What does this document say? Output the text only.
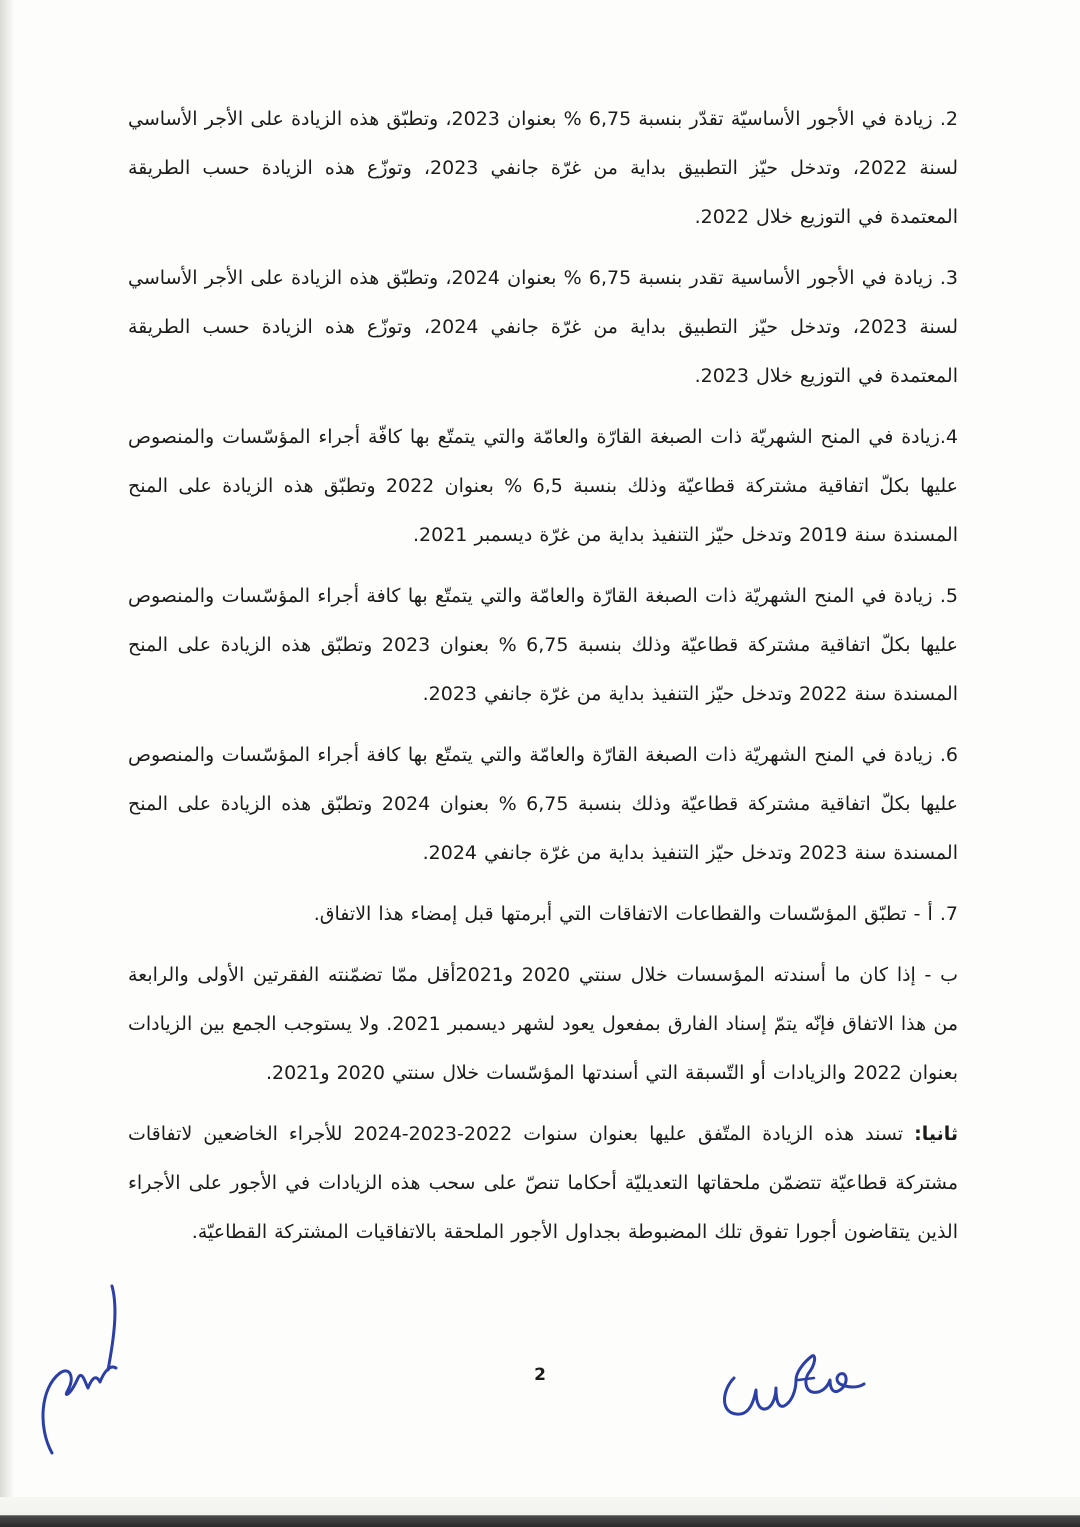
2. زيادة في الأجور الأساسيّة تقدّر بنسبة 6,75 % بعنوان 2023، وتطبّق هذه الزيادة على الأجر الأساسي لسنة 2022، وتدخل حيّز التطبيق بداية من غرّة جانفي 2023، وتوزّع هذه الزيادة حسب الطريقة المعتمدة في التوزيع خلال 2022.

3. زيادة في الأجور الأساسية تقدر بنسبة 6,75 % بعنوان 2024، وتطبّق هذه الزيادة على الأجر الأساسي لسنة 2023، وتدخل حيّز التطبيق بداية من غرّة جانفي 2024، وتوزّع هذه الزيادة حسب الطريقة المعتمدة في التوزيع خلال 2023.

4.زيادة في المنح الشهريّة ذات الصبغة القارّة والعامّة والتي يتمتّع بها كافّة أجراء المؤسّسات والمنصوص عليها بكلّ اتفاقية مشتركة قطاعيّة وذلك بنسبة 6,5 % بعنوان 2022 وتطبّق هذه الزيادة على المنح المسندة سنة 2019 وتدخل حيّز التنفيذ بداية من غرّة ديسمبر 2021.

5. زيادة في المنح الشهريّة ذات الصبغة القارّة والعامّة والتي يتمتّع بها كافة أجراء المؤسّسات والمنصوص عليها بكلّ اتفاقية مشتركة قطاعيّة وذلك بنسبة 6,75 % بعنوان 2023 وتطبّق هذه الزيادة على المنح المسندة سنة 2022 وتدخل حيّز التنفيذ بداية من غرّة جانفي 2023.

6. زيادة في المنح الشهريّة ذات الصبغة القارّة والعامّة والتي يتمتّع بها كافة أجراء المؤسّسات والمنصوص عليها بكلّ اتفاقية مشتركة قطاعيّة وذلك بنسبة 6,75 % بعنوان 2024 وتطبّق هذه الزيادة على المنح المسندة سنة 2023 وتدخل حيّز التنفيذ بداية من غرّة جانفي 2024.

7. أ - تطبّق المؤسّسات والقطاعات الاتفاقات التي أبرمتها قبل إمضاء هذا الاتفاق.

ب - إذا كان ما أسندته المؤسسات خلال سنتي 2020 و2021أقل ممّا تضمّنته الفقرتين الأولى والرابعة من هذا الاتفاق فإنّه يتمّ إسناد الفارق بمفعول يعود لشهر ديسمبر 2021. ولا يستوجب الجمع بين الزيادات بعنوان 2022 والزيادات أو التّسبقة التي أسندتها المؤسّسات خلال سنتي 2020 و2021.

ثانيا: تسند هذه الزيادة المتّفق عليها بعنوان سنوات 2022-2023-2024 للأجراء الخاضعين لاتفاقات مشتركة قطاعيّة تتضمّن ملحقاتها التعديليّة أحكاما تنصّ على سحب هذه الزيادات في الأجور على الأجراء الذين يتقاضون أجورا تفوق تلك المضبوطة بجداول الأجور الملحقة بالاتفاقيات المشتركة القطاعيّة.

2
